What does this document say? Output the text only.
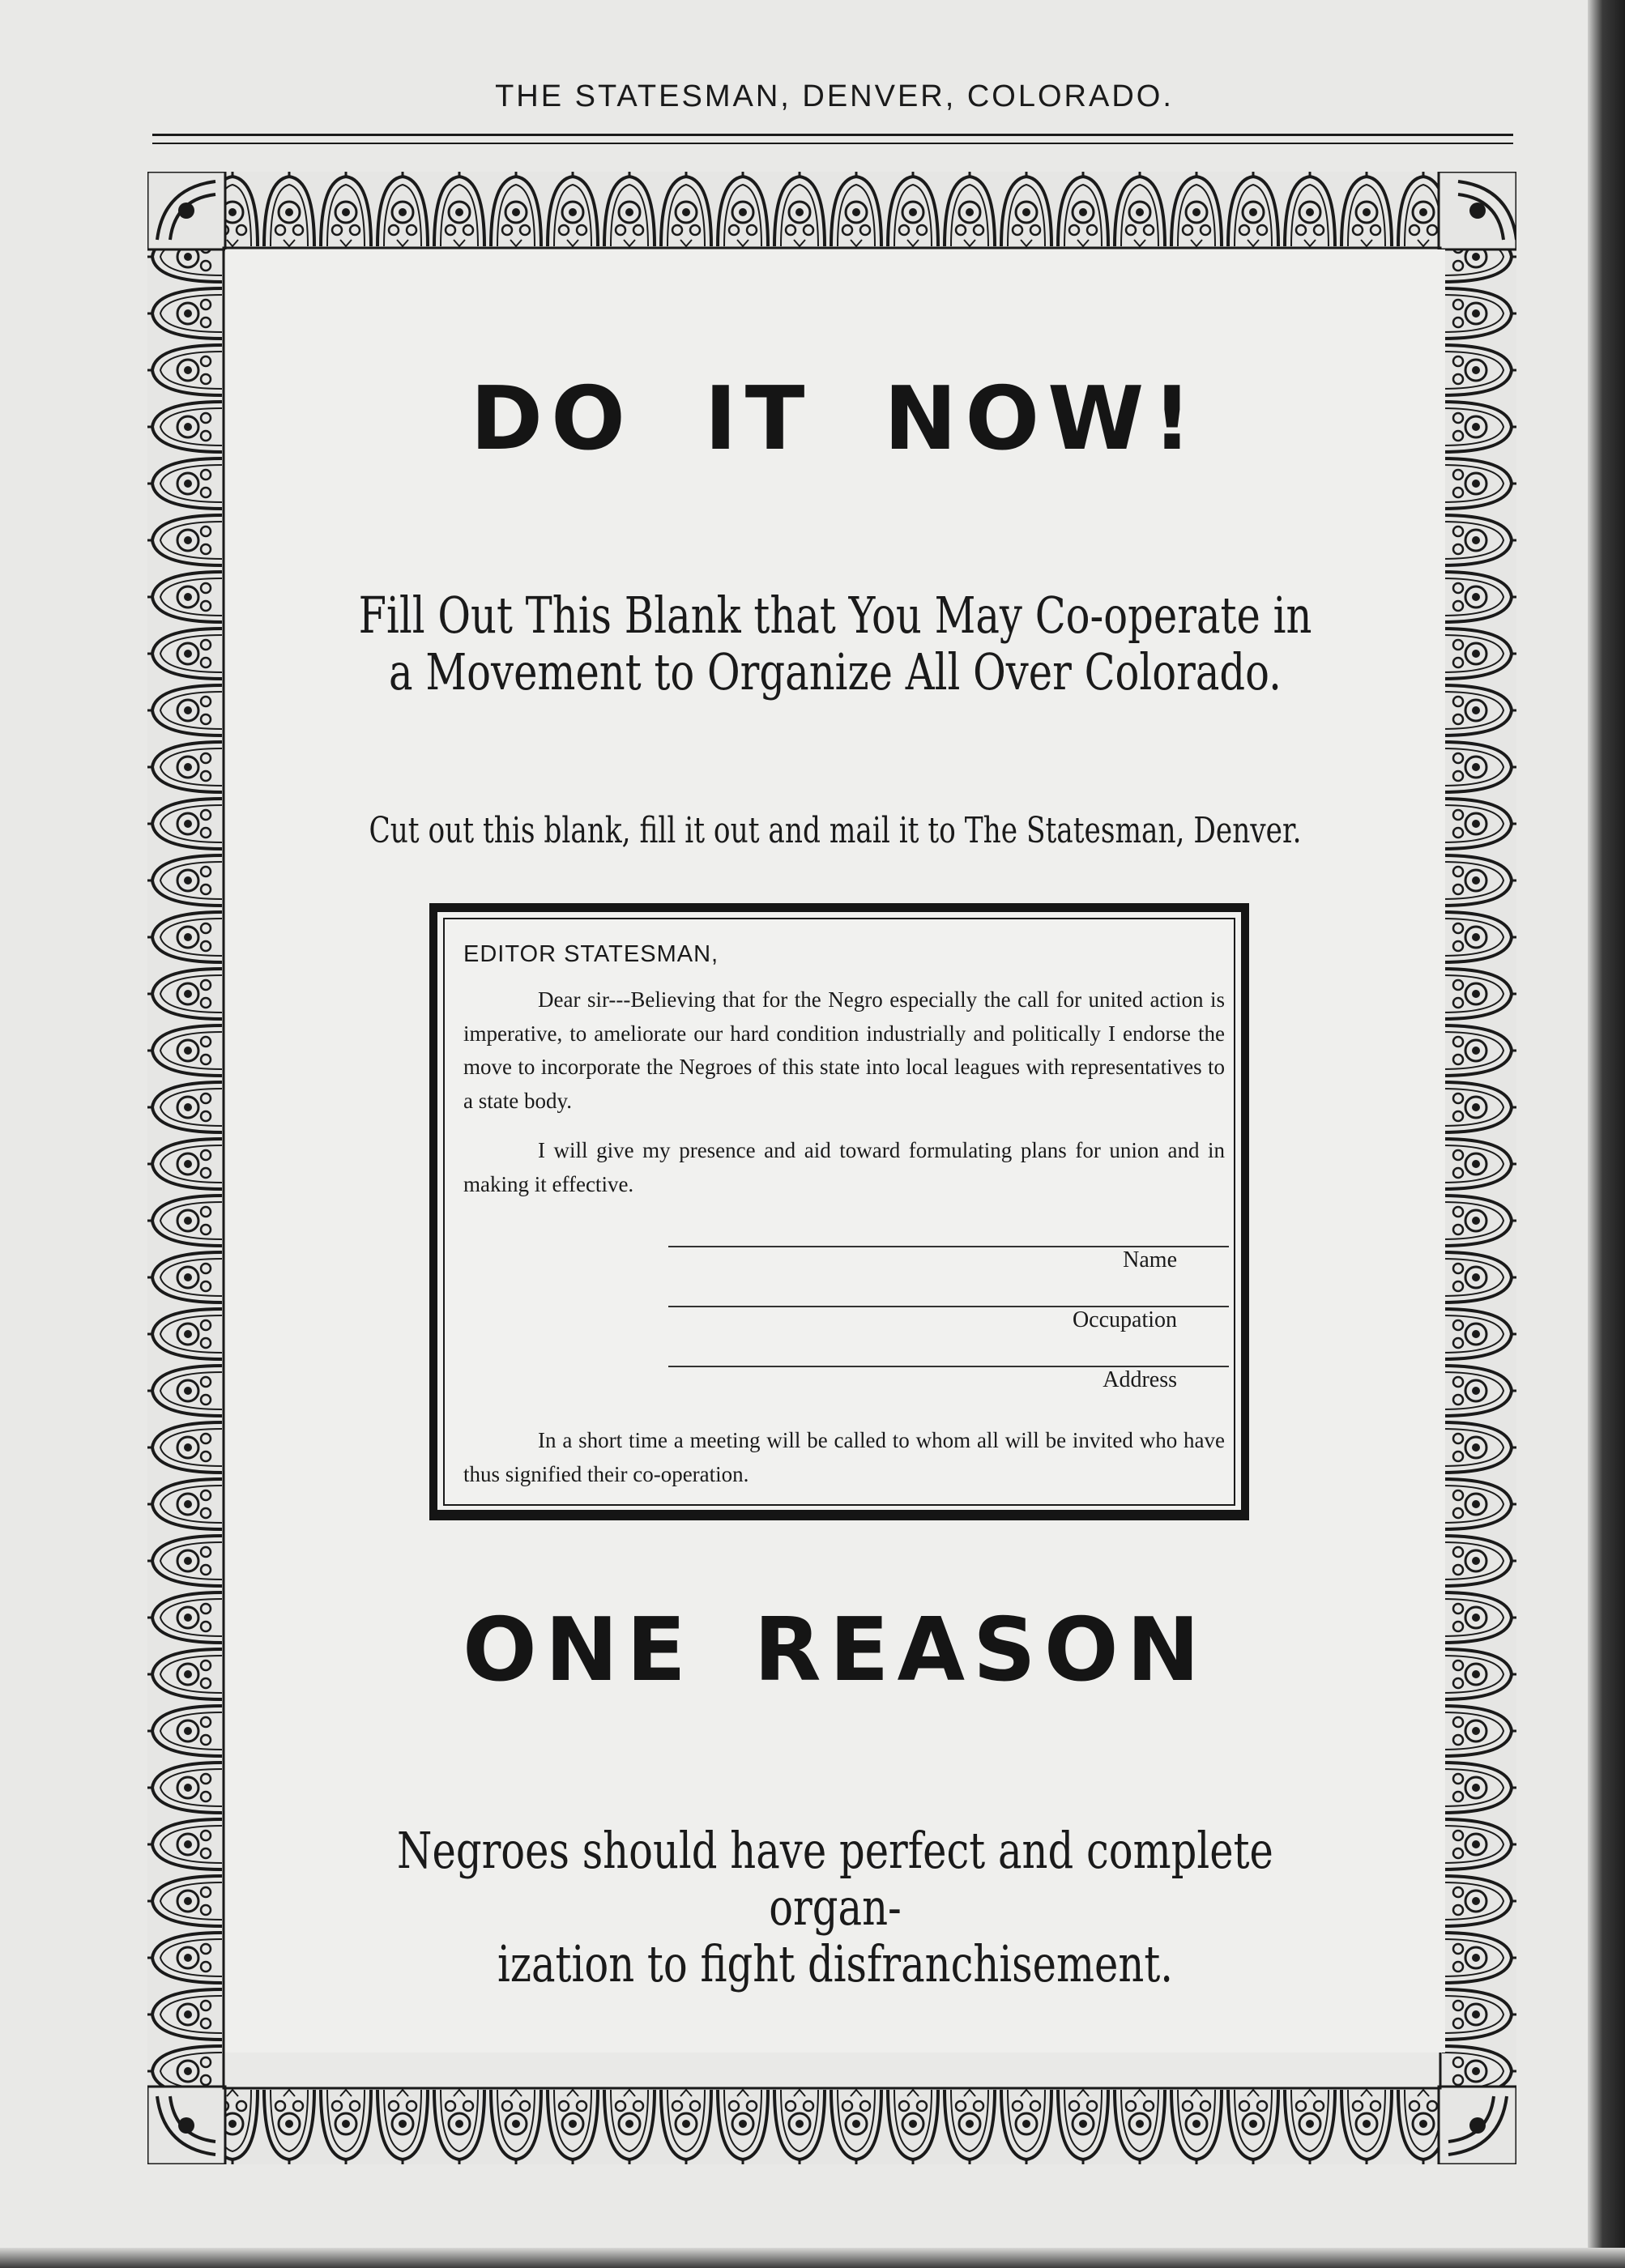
THE STATESMAN, DENVER, COLORADO.
DO IT NOW!
Fill Out This Blank that You May Co-operate in
a Movement to Organize All Over Colorado.
Cut out this blank, fill it out and mail it to The Statesman, Denver.
EDITOR STATESMAN,

Dear sir---Believing that for the Negro especially the call for united action is imperative, to ameliorate our hard condition industrially and politically I endorse the move to incorporate the Negroes of this state into local leagues with representatives to a state body.

I will give my presence and aid toward formulating plans for union and in making it effective.

Name
Occupation
Address

In a short time a meeting will be called to whom all will be invited who have thus signified their co-operation.

ONE REASON
Negroes should have perfect and complete organ-
ization to fight disfranchisement.
